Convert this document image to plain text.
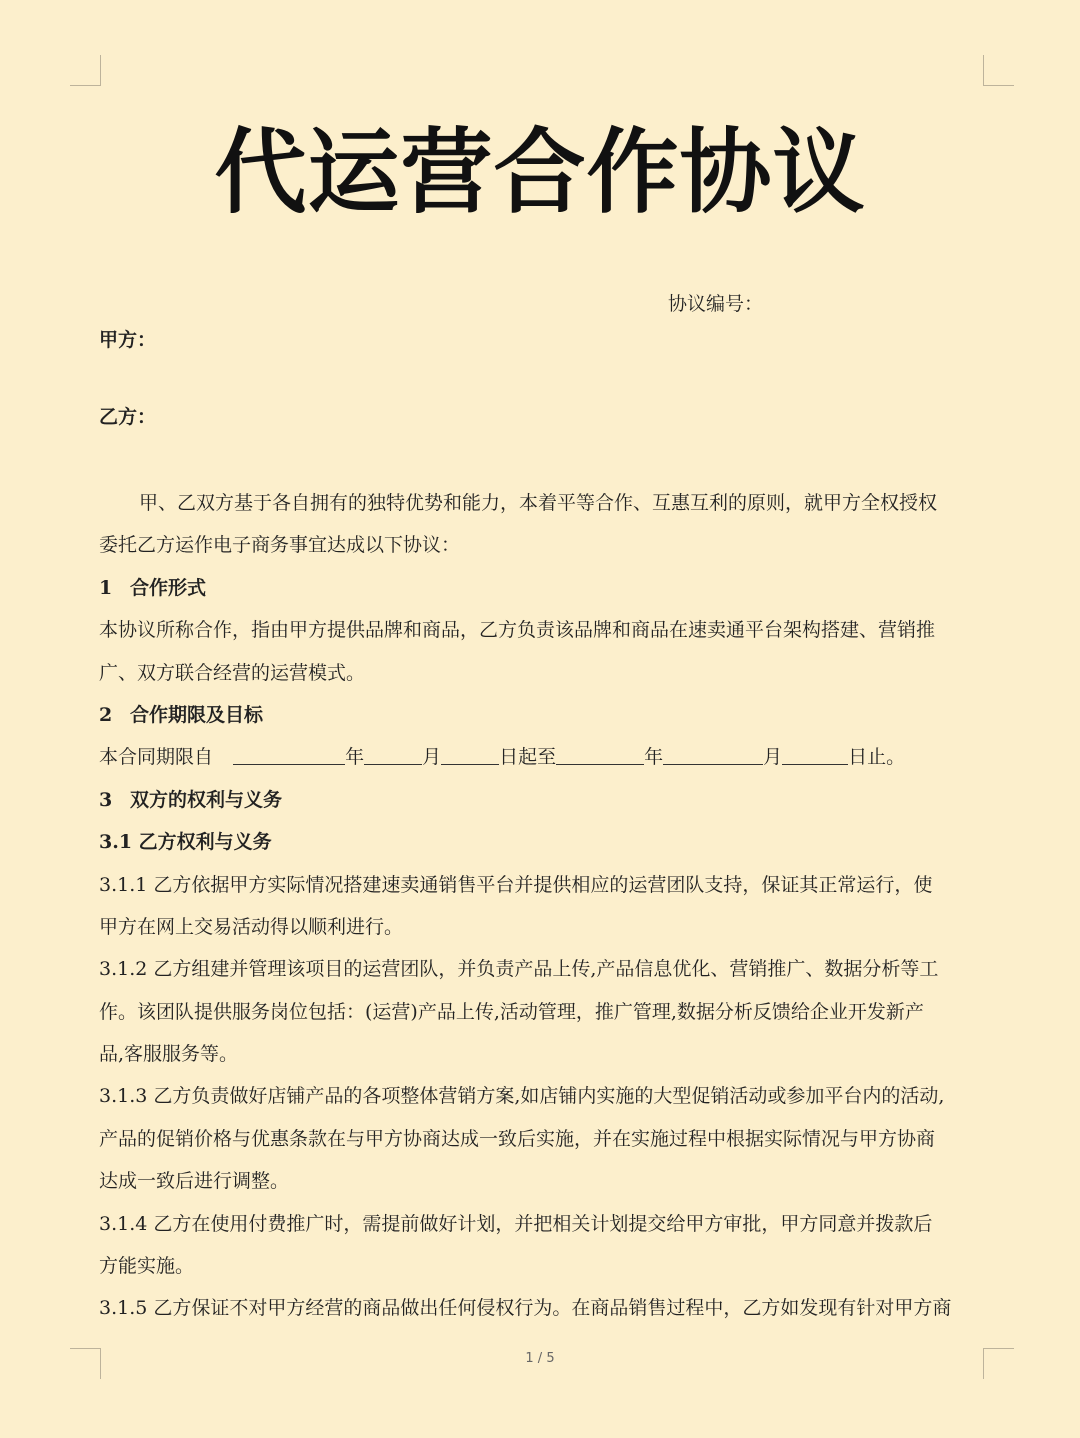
代运营合作协议
协议编号：
甲方：
乙方：
甲、乙双方基于各自拥有的独特优势和能力，本着平等合作、互惠互利的原则，就甲方全权授权
委托乙方运作电子商务事宜达成以下协议：
1 合作形式
本协议所称合作，指由甲方提供品牌和商品，乙方负责该品牌和商品在速卖通平台架构搭建、营销推
广、双方联合经营的运营模式。
2 合作期限及目标
本合同期限自	年	月	日起至	年	月	日止。
3 双方的权利与义务
3.1 乙方权利与义务
3.1.1 乙方依据甲方实际情况搭建速卖通销售平台并提供相应的运营团队支持，保证其正常运行，使
甲方在网上交易活动得以顺利进行。
3.1.2 乙方组建并管理该项目的运营团队，并负责产品上传,产品信息优化、营销推广、数据分析等工
作。该团队提供服务岗位包括：(运营)产品上传,活动管理，推广管理,数据分析反馈给企业开发新产
品,客服服务等。
3.1.3 乙方负责做好店铺产品的各项整体营销方案,如店铺内实施的大型促销活动或参加平台内的活动,
产品的促销价格与优惠条款在与甲方协商达成一致后实施，并在实施过程中根据实际情况与甲方协商
达成一致后进行调整。
3.1.4 乙方在使用付费推广时，需提前做好计划，并把相关计划提交给甲方审批，甲方同意并拨款后
方能实施。
3.1.5 乙方保证不对甲方经营的商品做出任何侵权行为。在商品销售过程中，乙方如发现有针对甲方商
1 / 5
